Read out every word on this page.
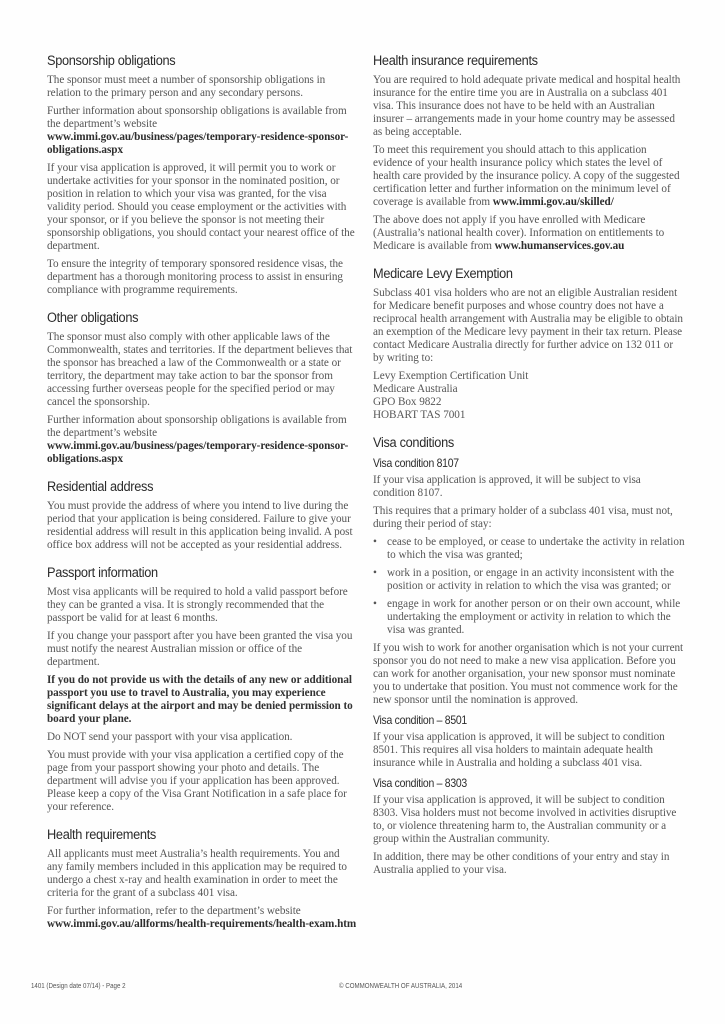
Sponsorship obligations

The sponsor must meet a number of sponsorship obligations in relation to the primary person and any secondary persons.

Further information about sponsorship obligations is available from the department’s website www.immi.gov.au/business/pages/temporary-residence-sponsor-obligations.aspx

If your visa application is approved, it will permit you to work or undertake activities for your sponsor in the nominated position, or position in relation to which your visa was granted, for the visa validity period. Should you cease employment or the activities with your sponsor, or if you believe the sponsor is not meeting their sponsorship obligations, you should contact your nearest office of the department.

To ensure the integrity of temporary sponsored residence visas, the department has a thorough monitoring process to assist in ensuring compliance with programme requirements.

Other obligations

The sponsor must also comply with other applicable laws of the Commonwealth, states and territories. If the department believes that the sponsor has breached a law of the Commonwealth or a state or territory, the department may take action to bar the sponsor from accessing further overseas people for the specified period or may cancel the sponsorship.

Further information about sponsorship obligations is available from the department’s website www.immi.gov.au/business/pages/temporary-residence-sponsor-obligations.aspx

Residential address

You must provide the address of where you intend to live during the period that your application is being considered. Failure to give your residential address will result in this application being invalid. A post office box address will not be accepted as your residential address.

Passport information

Most visa applicants will be required to hold a valid passport before they can be granted a visa. It is strongly recommended that the passport be valid for at least 6 months.

If you change your passport after you have been granted the visa you must notify the nearest Australian mission or office of the department.

If you do not provide us with the details of any new or additional passport you use to travel to Australia, you may experience significant delays at the airport and may be denied permission to board your plane.

Do NOT send your passport with your visa application.

You must provide with your visa application a certified copy of the page from your passport showing your photo and details. The department will advise you if your application has been approved. Please keep a copy of the Visa Grant Notification in a safe place for your reference.

Health requirements

All applicants must meet Australia’s health requirements. You and any family members included in this application may be required to undergo a chest x-ray and health examination in order to meet the criteria for the grant of a subclass 401 visa.

For further information, refer to the department’s website www.immi.gov.au/allforms/health-requirements/health-exam.htm

Health insurance requirements

You are required to hold adequate private medical and hospital health insurance for the entire time you are in Australia on a subclass 401 visa. This insurance does not have to be held with an Australian insurer – arrangements made in your home country may be assessed as being acceptable.

To meet this requirement you should attach to this application evidence of your health insurance policy which states the level of health care provided by the insurance policy. A copy of the suggested certification letter and further information on the minimum level of coverage is available from www.immi.gov.au/skilled/

The above does not apply if you have enrolled with Medicare (Australia’s national health cover). Information on entitlements to Medicare is available from www.humanservices.gov.au

Medicare Levy Exemption

Subclass 401 visa holders who are not an eligible Australian resident for Medicare benefit purposes and whose country does not have a reciprocal health arrangement with Australia may be eligible to obtain an exemption of the Medicare levy payment in their tax return. Please contact Medicare Australia directly for further advice on 132 011 or by writing to:

Levy Exemption Certification Unit

Medicare Australia

GPO Box 9822

HOBART TAS 7001

Visa conditions
Visa condition 8107

If your visa application is approved, it will be subject to visa condition 8107.

This requires that a primary holder of a subclass 401 visa, must not, during their period of stay:

• cease to be employed, or cease to undertake the activity in relation to which the visa was granted;
• work in a position, or engage in an activity inconsistent with the position or activity in relation to which the visa was granted; or
• engage in work for another person or on their own account, while undertaking the employment or activity in relation to which the visa was granted.

If you wish to work for another organisation which is not your current sponsor you do not need to make a new visa application. Before you can work for another organisation, your new sponsor must nominate you to undertake that position. You must not commence work for the new sponsor until the nomination is approved.

Visa condition – 8501

If your visa application is approved, it will be subject to condition 8501. This requires all visa holders to maintain adequate health insurance while in Australia and holding a subclass 401 visa.

Visa condition – 8303

If your visa application is approved, it will be subject to condition 8303. Visa holders must not become involved in activities disruptive to, or violence threatening harm to, the Australian community or a group within the Australian community.

In addition, there may be other conditions of your entry and stay in Australia applied to your visa.

1401 (Design date 07/14) - Page 2	© COMMONWEALTH OF AUSTRALIA, 2014
